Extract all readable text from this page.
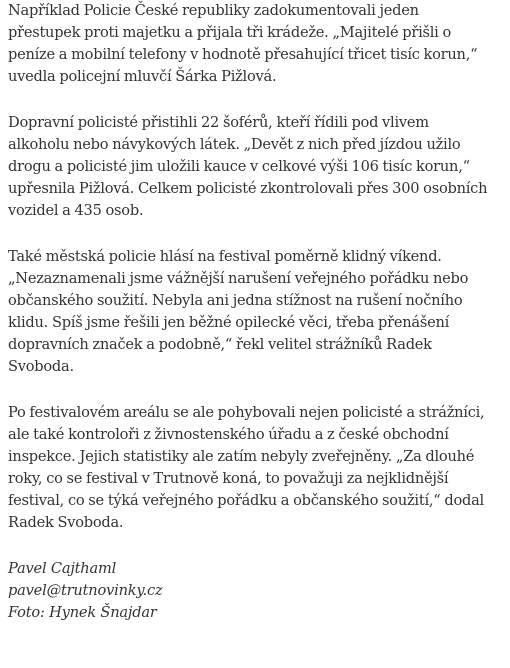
Například Policie České republiky zadokumentovali jeden
přestupek proti majetku a přijala tři krádeže. „Majitelé přišli o
peníze a mobilní telefony v hodnotě přesahující třicet tisíc korun,“
uvedla policejní mluvčí Šárka Pižlová.

Dopravní policisté přistihli 22 šoférů, kteří řídili pod vlivem
alkoholu nebo návykových látek. „Devět z nich před jízdou užilo
drogu a policisté jim uložili kauce v celkové výši 106 tisíc korun,“
upřesnila Pižlová. Celkem policisté zkontrolovali přes 300 osobních
vozidel a 435 osob.

Také městská policie hlásí na festival poměrně klidný víkend.
„Nezaznamenali jsme vážnější narušení veřejného pořádku nebo
občanského soužití. Nebyla ani jedna stížnost na rušení nočního
klidu. Spíš jsme řešili jen běžné opilecké věci, třeba přenášení
dopravních značek a podobně,“ řekl velitel strážníků Radek
Svoboda.

Po festivalovém areálu se ale pohybovali nejen policisté a strážníci,
ale také kontroloři z živnostenského úřadu a z české obchodní
inspekce. Jejich statistiky ale zatím nebyly zveřejněny. „Za dlouhé
roky, co se festival v Trutnově koná, to považuji za nejklidnější
festival, co se týká veřejného pořádku a občanského soužití,“ dodal
Radek Svoboda.

Pavel Cajthaml
pavel@trutnovinky.cz
Foto: Hynek Šnajdar
